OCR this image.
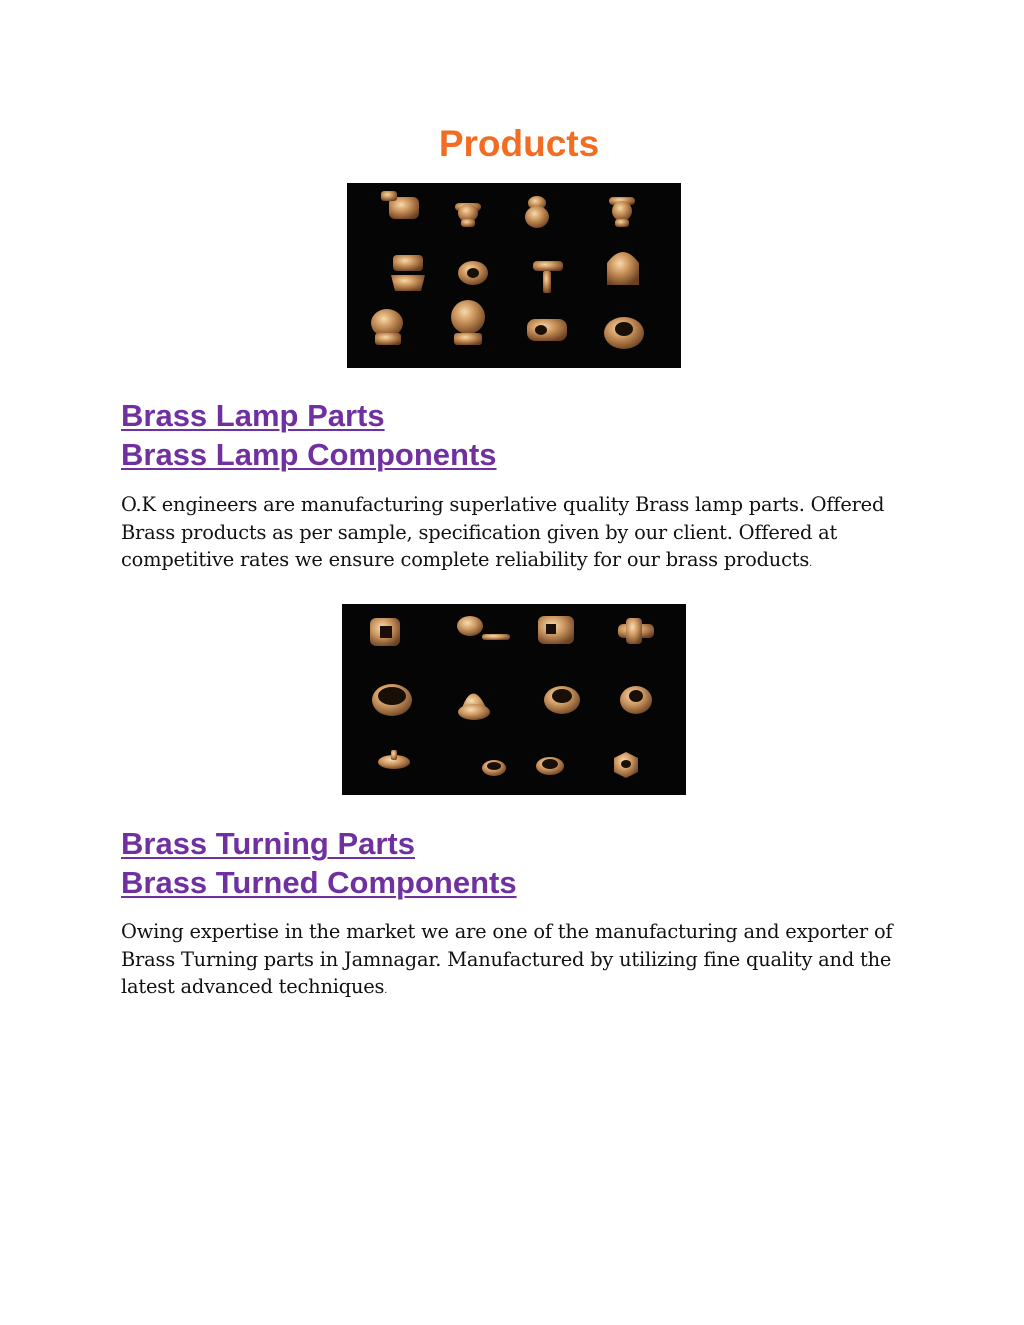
Products
Brass Lamp Parts
Brass Lamp Components

O.K engineers are manufacturing superlative quality Brass lamp parts. Offered Brass products as per sample, specification given by our client. Offered at competitive rates we ensure complete reliability for our brass products.

Brass Turning Parts
Brass Turned Components

Owing expertise in the market we are one of the manufacturing and exporter of Brass Turning parts in Jamnagar. Manufactured by utilizing fine quality and the latest advanced techniques.
